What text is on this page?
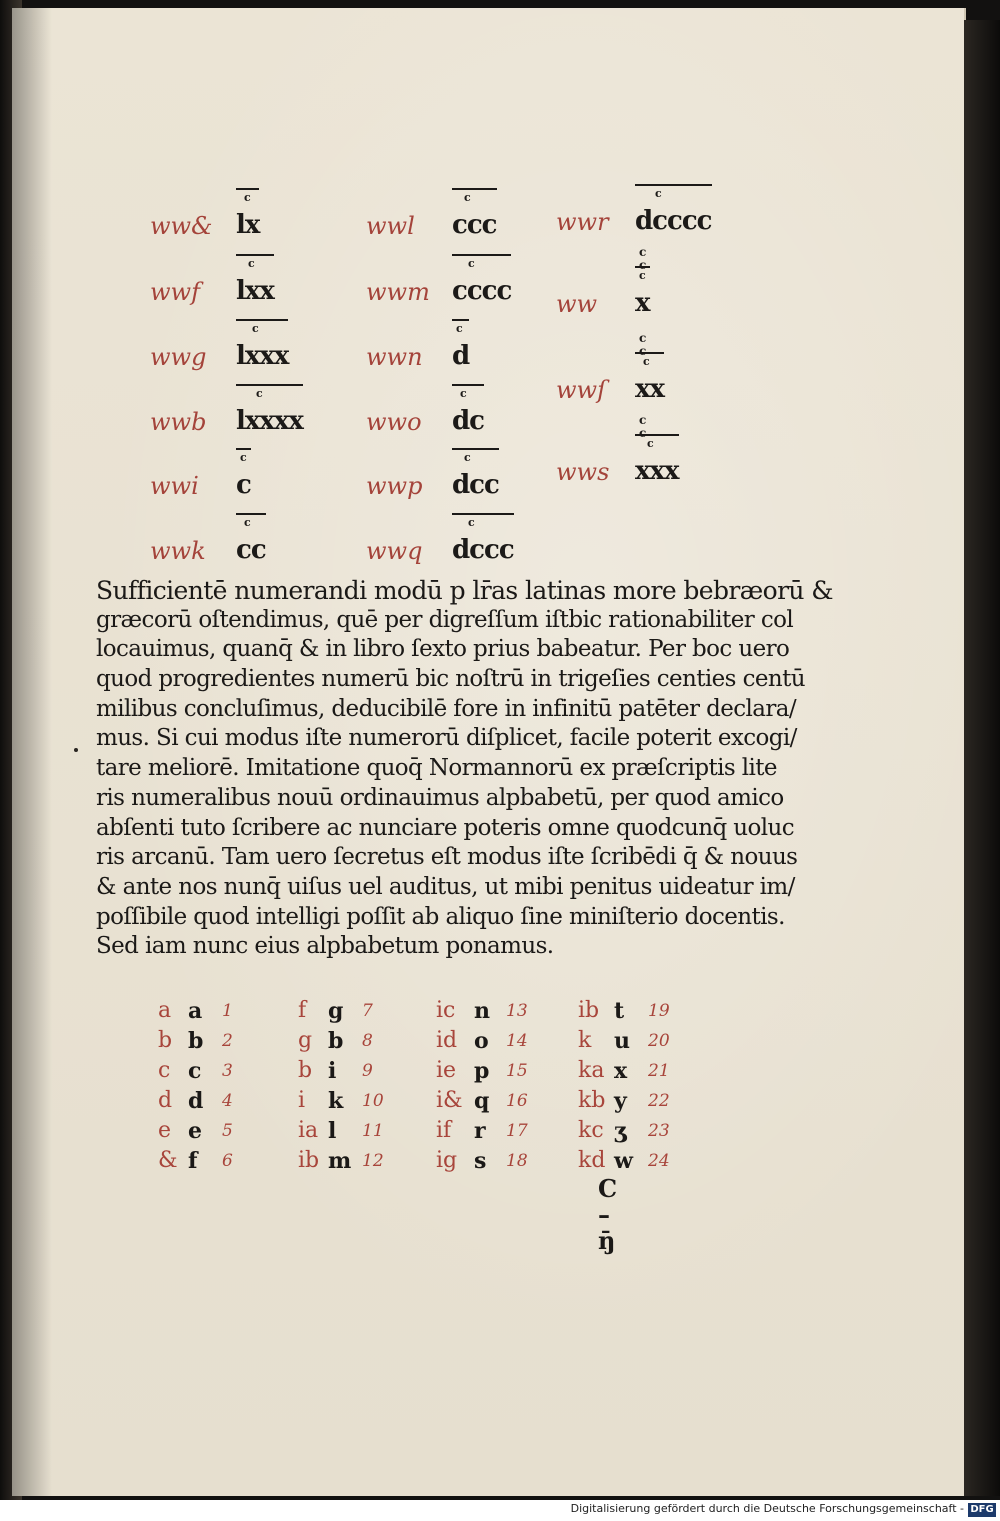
ww& lx
c
wwf lxx
c
wwg lxxx
c
wwb lxxxx
c
wwi c
c
wwk cc
c
wwl ccc
c
wwm cccc
c
wwn d
c
wwo dc
c
wwp dcc
c
wwq dccc
c
wwr dcccc
c
ww x
c
c
c
wwſ xx
c
c
c
wws xxx
c
c
c
Sufficientē numerandi modū p lr̄as latinas more bebræorū &
græcorū oſtendimus, quē per digreſſum iſtbic rationabiliter col
locauimus, quanq̄ & in libro ſexto prius babeatur. Per boc uero
quod progredientes numerū bic noſtrū in trigeſies centies centū
milibus concluſimus, deducibilē fore in infinitū patēter declara/
mus. Si cui modus iſte numerorū diſplicet, facile poterit excogi/
tare meliorē. Imitatione quoq̄ Normannorū ex præſcriptis lite
ris numeralibus nouū ordinauimus alpbabetū, per quod amico
abſenti tuto ſcribere ac nunciare poteris omne quodcunq̄ uoluc
ris arcanū. Tam uero ſecretus eſt modus iſte ſcribēdi q̄ & nouus
& ante nos nunq̄ uiſus uel auditus, ut mibi penitus uideatur im/
poſſibile quod intelligi poſſit ab aliquo ſine miniſterio docentis.
Sed iam nunc eius alpbabetum ponamus.
a a 1
b b 2
c c 3
d d 4
e e 5
& f 6
f g 7
g b 8
b i 9
i k 10
ia l 11
ib m 12
ic n 13
id o 14
ie p 15
i& q 16
if r 17
ig s 18
ib t 19
k u 20
ka x 21
kb y 22
kc ʒ 23
kd w 24
C – ŋ̄
Digitalisierung gefördert durch die Deutsche Forschungsgemeinschaft - DFG
